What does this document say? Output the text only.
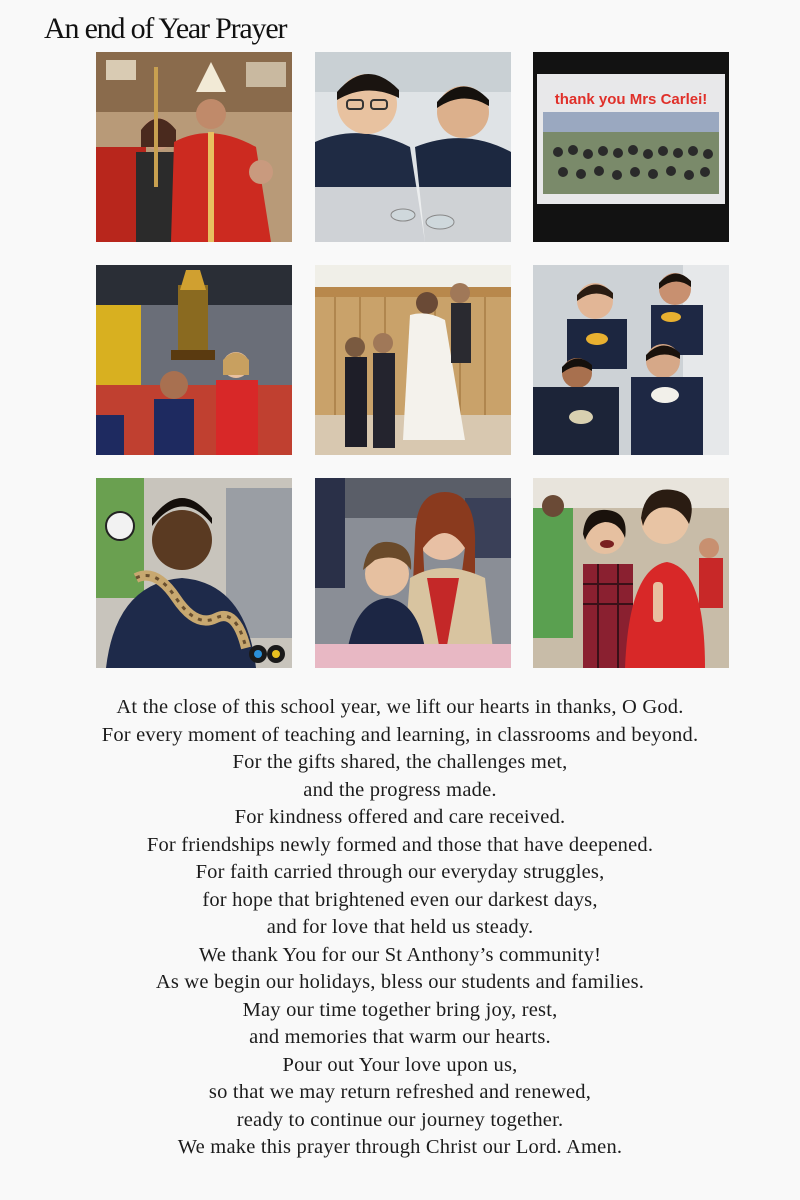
An end of Year Prayer
thank you Mrs Carlei!
At the close of this school year, we lift our hearts in thanks, O God.
For every moment of teaching and learning, in classrooms and beyond.
For the gifts shared, the challenges met,
and the progress made.
For kindness offered and care received.
For friendships newly formed and those that have deepened.
For faith carried through our everyday struggles,
for hope that brightened even our darkest days,
and for love that held us steady.
We thank You for our St Anthony’s community!
As we begin our holidays, bless our students and families.
May our time together bring joy, rest,
and memories that warm our hearts.
Pour out Your love upon us,
so that we may return refreshed and renewed,
ready to continue our journey together.
We make this prayer through Christ our Lord. Amen.
